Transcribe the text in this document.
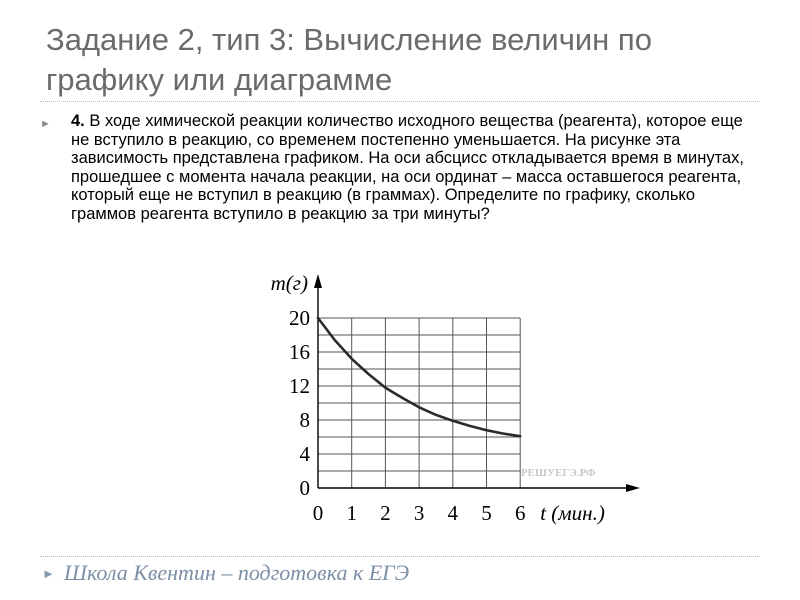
Задание 2, тип 3: Вычисление величин по графику или диаграмме
► 4. В ходе химической реакции количество исходного вещества (реагента), которое еще не вступило в реакцию, со временем постепенно уменьшается. На рисунке эта зависимость представлена графиком. На оси абсцисс откладывается время в минутах, прошедшее с момента начала реакции, на оси ординат – масса оставшегося реагента, который еще не вступил в реакцию (в граммах). Определите по графику, сколько граммов реагента вступило в реакцию за три минуты?
0
4
8
12
16
20
0 1 2 3 4 5 6
m(г)
t (мин.)
РЕШУЕГЭ.РФ
► Школа Квентин – подготовка к ЕГЭ
